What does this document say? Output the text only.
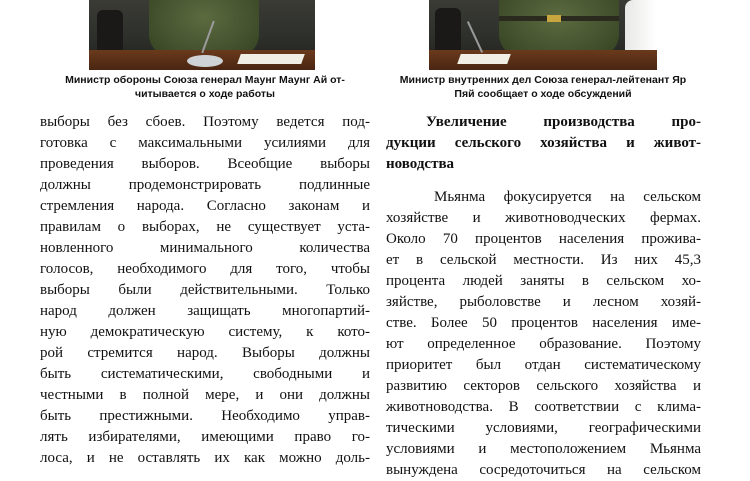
Министр обороны Союза генерал Маунг Маунг Ай от-
читывается о ходе работы

Министр внутренних дел Союза генерал-лейтенант Яр
Пяй сообщает о ходе обсуждений

выборы без сбоев. Поэтому ведется под-
готовка с максимальными усилиями для
проведения выборов. Всеобщие выборы
должны продемонстрировать подлинные
стремления народа. Согласно законам и
правилам о выборах, не существует уста-
новленного минимального количества
голосов, необходимого для того, чтобы
выборы были действительными. Только
народ должен защищать многопартий-
ную демократическую систему, к кото-
рой стремится народ. Выборы должны
быть систематическими, свободными и
честными в полной мере, и они должны
быть престижными. Необходимо управ-
лять избирателями, имеющими право го-
лоса, и не оставлять их как можно доль-
Увеличение производства про-
дукции сельского хозяйства и живот-
новодства
Мьянма фокусируется на сельском
хозяйстве и животноводческих фермах.
Около 70 процентов населения прожива-
ет в сельской местности. Из них 45,3
процента людей заняты в сельском хо-
зяйстве, рыболовстве и лесном хозяй-
стве. Более 50 процентов населения име-
ют определенное образование. Поэтому
приоритет был отдан систематическому
развитию секторов сельского хозяйства и
животноводства. В соответствии с клима-
тическими условиями, географическими
условиями и местоположением Мьянма
вынуждена сосредоточиться на сельском
